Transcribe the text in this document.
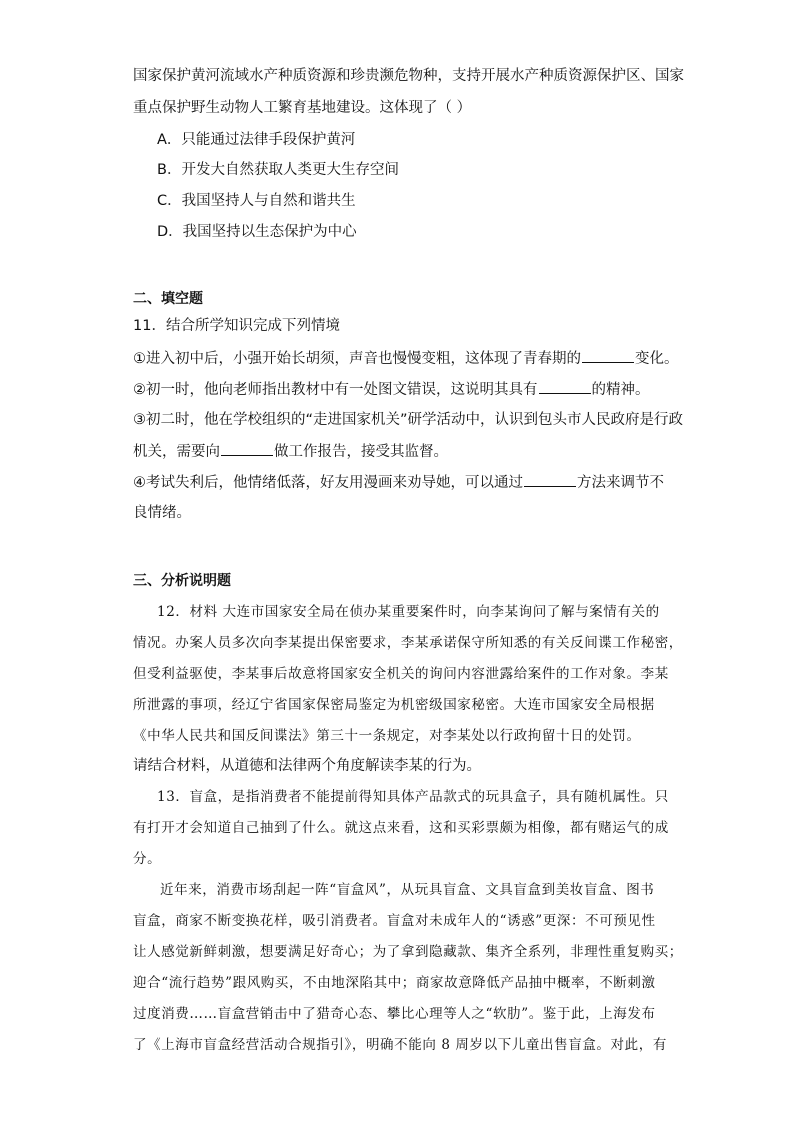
国家保护黄河流域水产种质资源和珍贵濒危物种，支持开展水产种质资源保护区、国家
重点保护野生动物人工繁育基地建设。这体现了（ ）
A．只能通过法律手段保护黄河
B．开发大自然获取人类更大生存空间
C．我国坚持人与自然和谐共生
D．我国坚持以生态保护为中心
二、填空题
11．结合所学知识完成下列情境
①进入初中后，小强开始长胡须，声音也慢慢变粗，这体现了青春期的	变化。
②初一时，他向老师指出教材中有一处图文错误，这说明其具有	的精神。
③初二时，他在学校组织的“走进国家机关”研学活动中，认识到包头市人民政府是行政
机关，需要向	做工作报告，接受其监督。
④考试失利后，他情绪低落，好友用漫画来劝导她，可以通过	方法来调节不
良情绪。
三、分析说明题
12．材料 大连市国家安全局在侦办某重要案件时，向李某询问了解与案情有关的
情况。办案人员多次向李某提出保密要求，李某承诺保守所知悉的有关反间谍工作秘密，
但受利益驱使，李某事后故意将国家安全机关的询问内容泄露给案件的工作对象。李某
所泄露的事项，经辽宁省国家保密局鉴定为机密级国家秘密。大连市国家安全局根据
《中华人民共和国反间谍法》第三十一条规定，对李某处以行政拘留十日的处罚。
请结合材料，从道德和法律两个角度解读李某的行为。
13．盲盒，是指消费者不能提前得知具体产品款式的玩具盒子，具有随机属性。只
有打开才会知道自己抽到了什么。就这点来看，这和买彩票颇为相像，都有赌运气的成
分。
近年来，消费市场刮起一阵“盲盒风”，从玩具盲盒、文具盲盒到美妆盲盒、图书
盲盒，商家不断变换花样，吸引消费者。盲盒对未成年人的“诱惑”更深：不可预见性
让人感觉新鲜刺激，想要满足好奇心；为了拿到隐藏款、集齐全系列，非理性重复购买；
迎合“流行趋势”跟风购买，不由地深陷其中；商家故意降低产品抽中概率，不断刺激
过度消费……盲盒营销击中了猎奇心态、攀比心理等人之“软肋”。鉴于此，上海发布
了《上海市盲盒经营活动合规指引》，明确不能向 8 周岁以下儿童出售盲盒。对此，有
